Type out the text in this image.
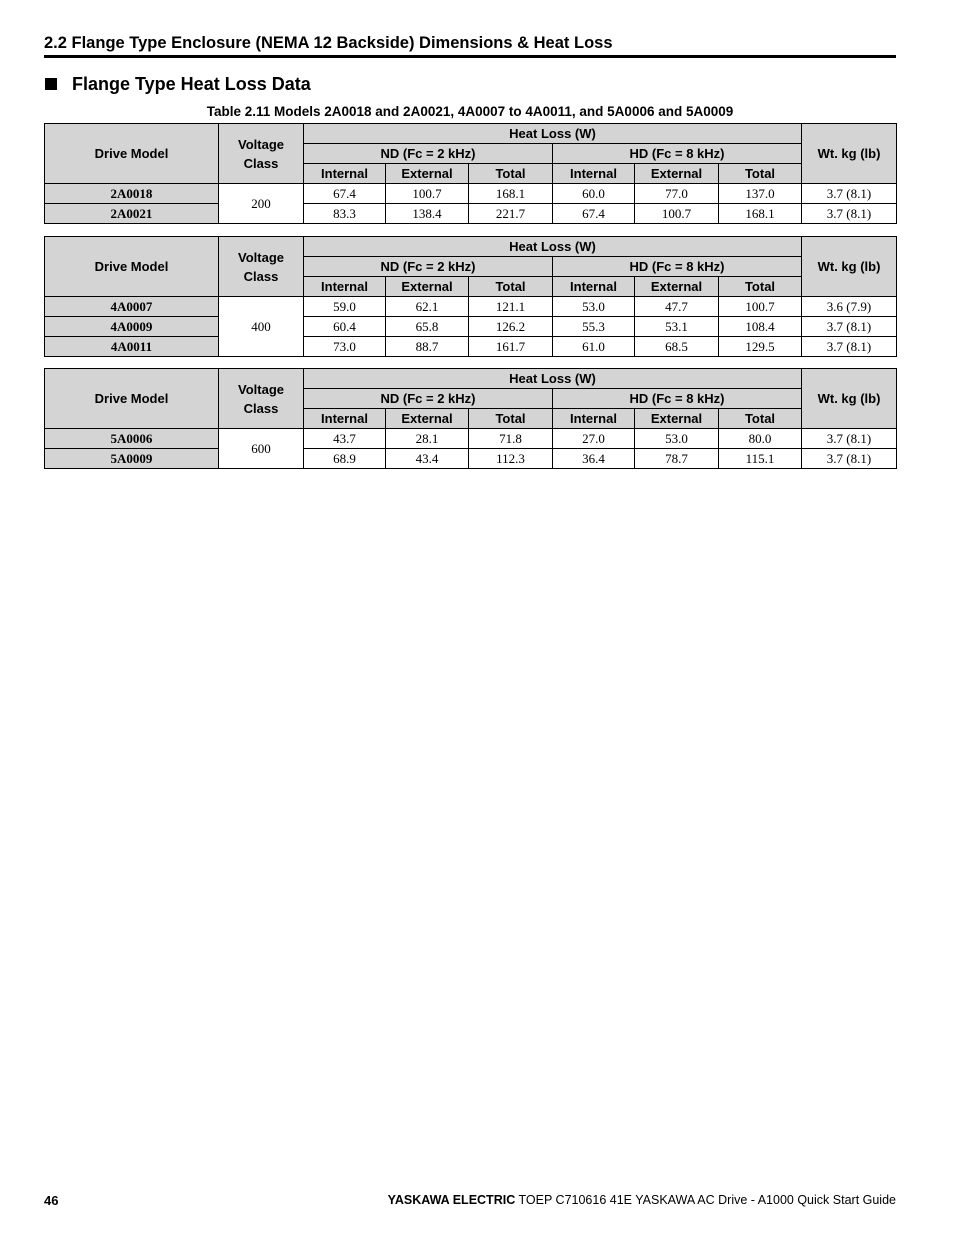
2.2 Flange Type Enclosure (NEMA 12 Backside) Dimensions & Heat Loss
Flange Type Heat Loss Data
Table 2.11 Models 2A0018 and 2A0021, 4A0007 to 4A0011, and 5A0006 and 5A0009
Drive Model	Voltage
Class	Heat Loss (W)						Wt. kg (lb)
		ND (Fc = 2 kHz)			HD (Fc = 8 kHz)			
		Internal	External	Total	Internal	External	Total	
2A0018	200	67.4	100.7	168.1	60.0	77.0	137.0	3.7 (8.1)
2A0021		83.3	138.4	221.7	67.4	100.7	168.1	3.7 (8.1)
Drive Model	Voltage
Class	Heat Loss (W)						Wt. kg (lb)
		ND (Fc = 2 kHz)			HD (Fc = 8 kHz)			
		Internal	External	Total	Internal	External	Total	
4A0007	400	59.0	62.1	121.1	53.0	47.7	100.7	3.6 (7.9)
4A0009		60.4	65.8	126.2	55.3	53.1	108.4	3.7 (8.1)
4A0011		73.0	88.7	161.7	61.0	68.5	129.5	3.7 (8.1)
Drive Model	Voltage
Class	Heat Loss (W)						Wt. kg (lb)
		ND (Fc = 2 kHz)			HD (Fc = 8 kHz)			
		Internal	External	Total	Internal	External	Total	
5A0006	600	43.7	28.1	71.8	27.0	53.0	80.0	3.7 (8.1)
5A0009		68.9	43.4	112.3	36.4	78.7	115.1	3.7 (8.1)
46	YASKAWA ELECTRIC TOEP C710616 41E YASKAWA AC Drive - A1000 Quick Start Guide
